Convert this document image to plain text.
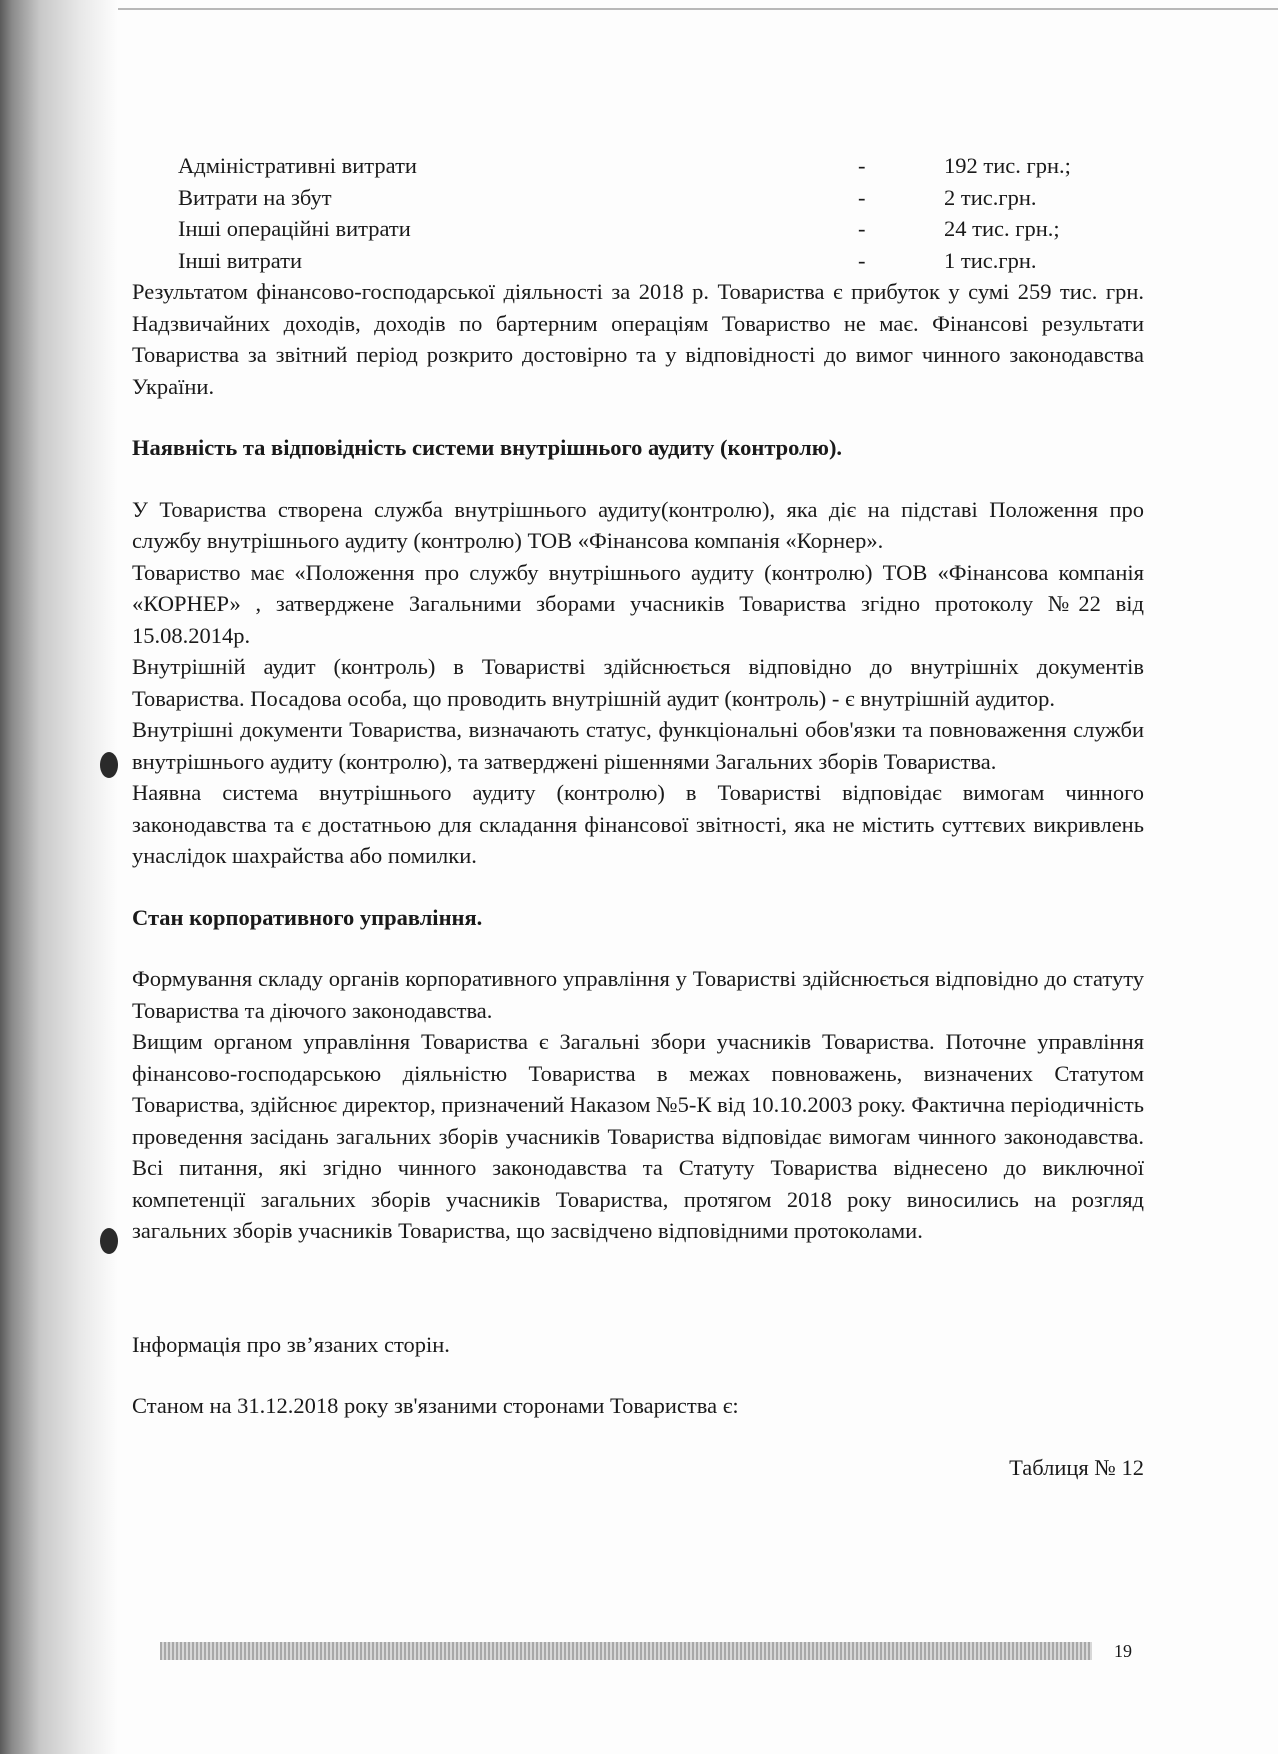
Адміністративні витрати	-	192 тис. грн.;
Витрати на збут	-	2 тис.грн.
Інші операційні витрати	-	24 тис. грн.;
Інші витрати	-	1 тис.грн.

Результатом фінансово-господарської діяльності за 2018 р. Товариства є прибуток у сумі 259 тис. грн. Надзвичайних доходів, доходів по бартерним операціям Товариство не має. Фінансові результати Товариства за звітний період розкрито достовірно та у відповідності до вимог чинного законодавства України.

Наявність та відповідність системи внутрішнього аудиту (контролю).

У Товариства створена служба внутрішнього аудиту(контролю), яка діє на підставі Положення про службу внутрішнього аудиту (контролю) ТОВ «Фінансова компанія «Корнер».

Товариство має «Положення про службу внутрішнього аудиту (контролю) ТОВ «Фінансова компанія «КОРНЕР» , затверджене Загальними зборами учасників Товариства згідно протоколу №22 від 15.08.2014р.

Внутрішній аудит (контроль) в Товаристві здійснюється відповідно до внутрішніх документів Товариства. Посадова особа, що проводить внутрішній аудит (контроль) - є внутрішній аудитор.

Внутрішні документи Товариства, визначають статус, функціональні обов'язки та повноваження служби внутрішнього аудиту (контролю), та затверджені рішеннями Загальних зборів Товариства.

Наявна система внутрішнього аудиту (контролю) в Товаристві відповідає вимогам чинного законодавства та є достатньою для складання фінансової звітності, яка не містить суттєвих викривлень унаслідок шахрайства або помилки.

Стан корпоративного управління.

Формування складу органів корпоративного управління у Товаристві здійснюється відповідно до статуту Товариства та діючого законодавства.

Вищим органом управління Товариства є Загальні збори учасників Товариства. Поточне управління фінансово-господарською діяльністю Товариства в межах повноважень, визначених Статутом Товариства, здійснює директор, призначений Наказом №5-К від 10.10.2003 року. Фактична періодичність проведення засідань загальних зборів учасників Товариства відповідає вимогам чинного законодавства. Всі питання, які згідно чинного законодавства та Статуту Товариства віднесено до виключної компетенції загальних зборів учасників Товариства, протягом 2018 року виносились на розгляд загальних зборів учасників Товариства, що засвідчено відповідними протоколами.

Інформація про зв’язаних сторін.

Станом на 31.12.2018 року зв'язаними сторонами Товариства є:

Таблиця № 12

19
